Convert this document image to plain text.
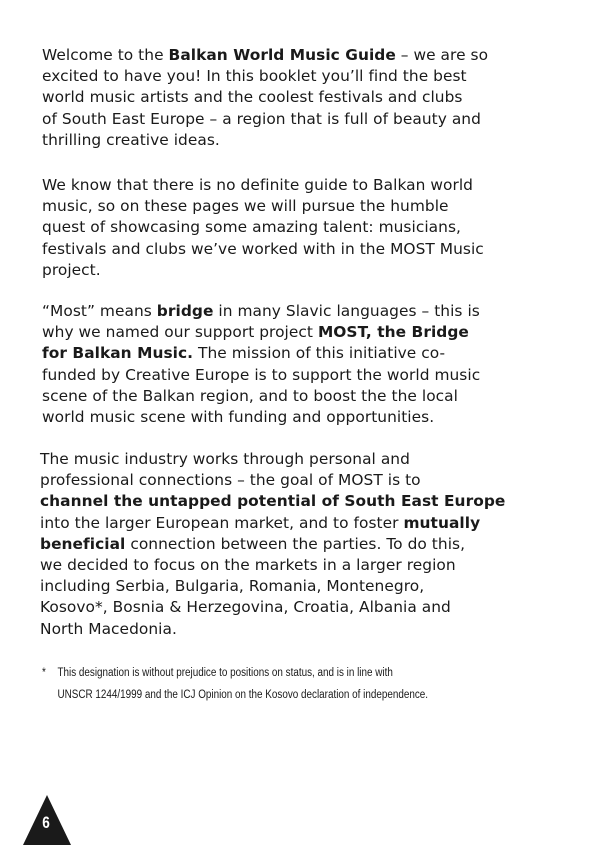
Welcome to the Balkan World Music Guide – we are so
excited to have you! In this booklet you’ll find the best
world music artists and the coolest festivals and clubs
of South East Europe – a region that is full of beauty and
thrilling creative ideas.
We know that there is no definite guide to Balkan world
music, so on these pages we will pursue the humble
quest of showcasing some amazing talent: musicians,
festivals and clubs we’ve worked with in the MOST Music
project.
“Most” means bridge in many Slavic languages – this is
why we named our support project MOST, the Bridge
for Balkan Music. The mission of this initiative co-
funded by Creative Europe is to support the world music
scene of the Balkan region, and to boost the the local
world music scene with funding and opportunities.
The music industry works through personal and
professional connections – the goal of MOST is to
channel the untapped potential of South East Europe
into the larger European market, and to foster mutually
beneficial connection between the parties. To do this,
we decided to focus on the markets in a larger region
including Serbia, Bulgaria, Romania, Montenegro,
Kosovo*, Bosnia & Herzegovina, Croatia, Albania and
North Macedonia.
* This designation is without prejudice to positions on status, and is in line with
UNSCR 1244/1999 and the ICJ Opinion on the Kosovo declaration of independence.
6
